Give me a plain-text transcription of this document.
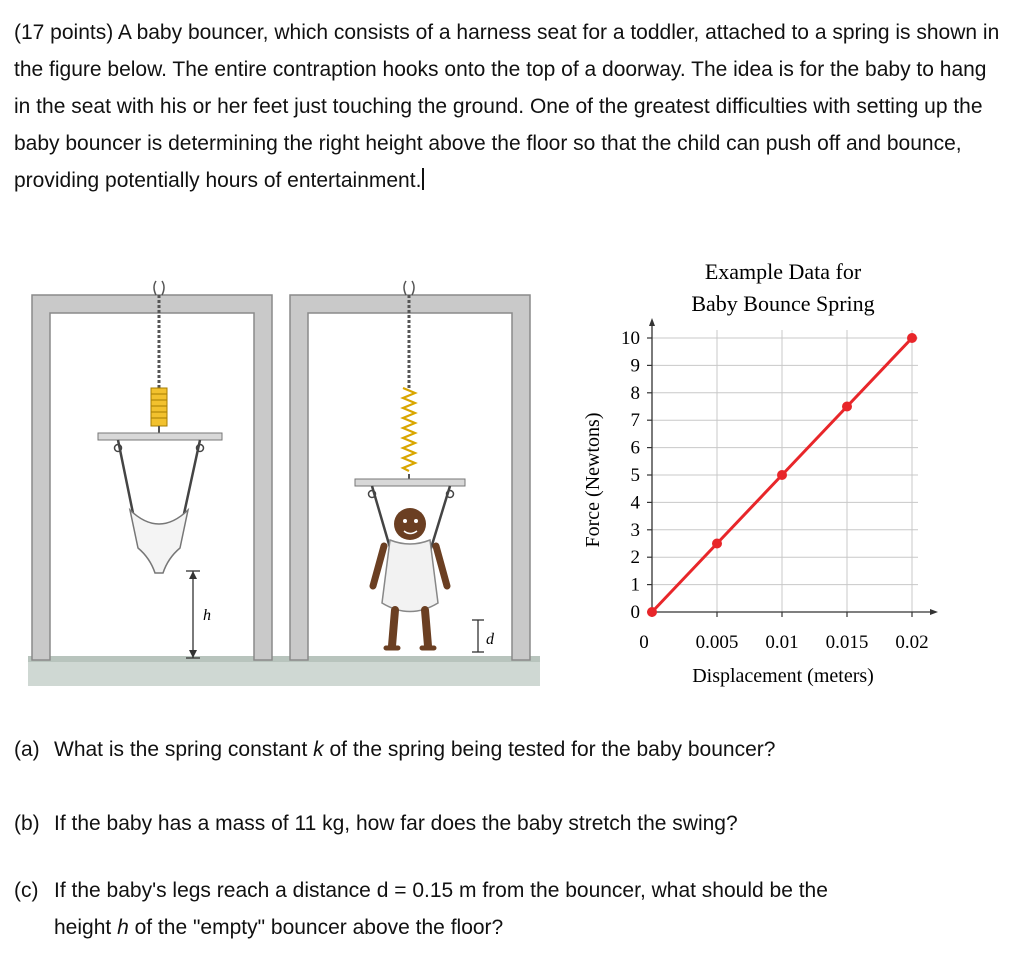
(17 points) A baby bouncer, which consists of a harness seat for a toddler, attached to a spring is shown in the figure below. The entire contraption hooks onto the top of a doorway. The idea is for the baby to hang in the seat with his or her feet just touching the ground. One of the greatest difficulties with setting up the baby bouncer is determining the right height above the floor so that the child can push off and bounce, providing potentially hours of entertainment.

h
d
Example Data for
Baby Bounce Spring
Force (Newtons)
Displacement (meters)
0
1
2
3
4
5
6
7
8
9
10
0 0.005 0.01 0.015 0.02

(a) What is the spring constant k of the spring being tested for the baby bouncer?

(b) If the baby has a mass of 11 kg, how far does the baby stretch the swing?

(c) If the baby's legs reach a distance d = 0.15 m from the bouncer, what should be the
height h of the "empty" bouncer above the floor?
